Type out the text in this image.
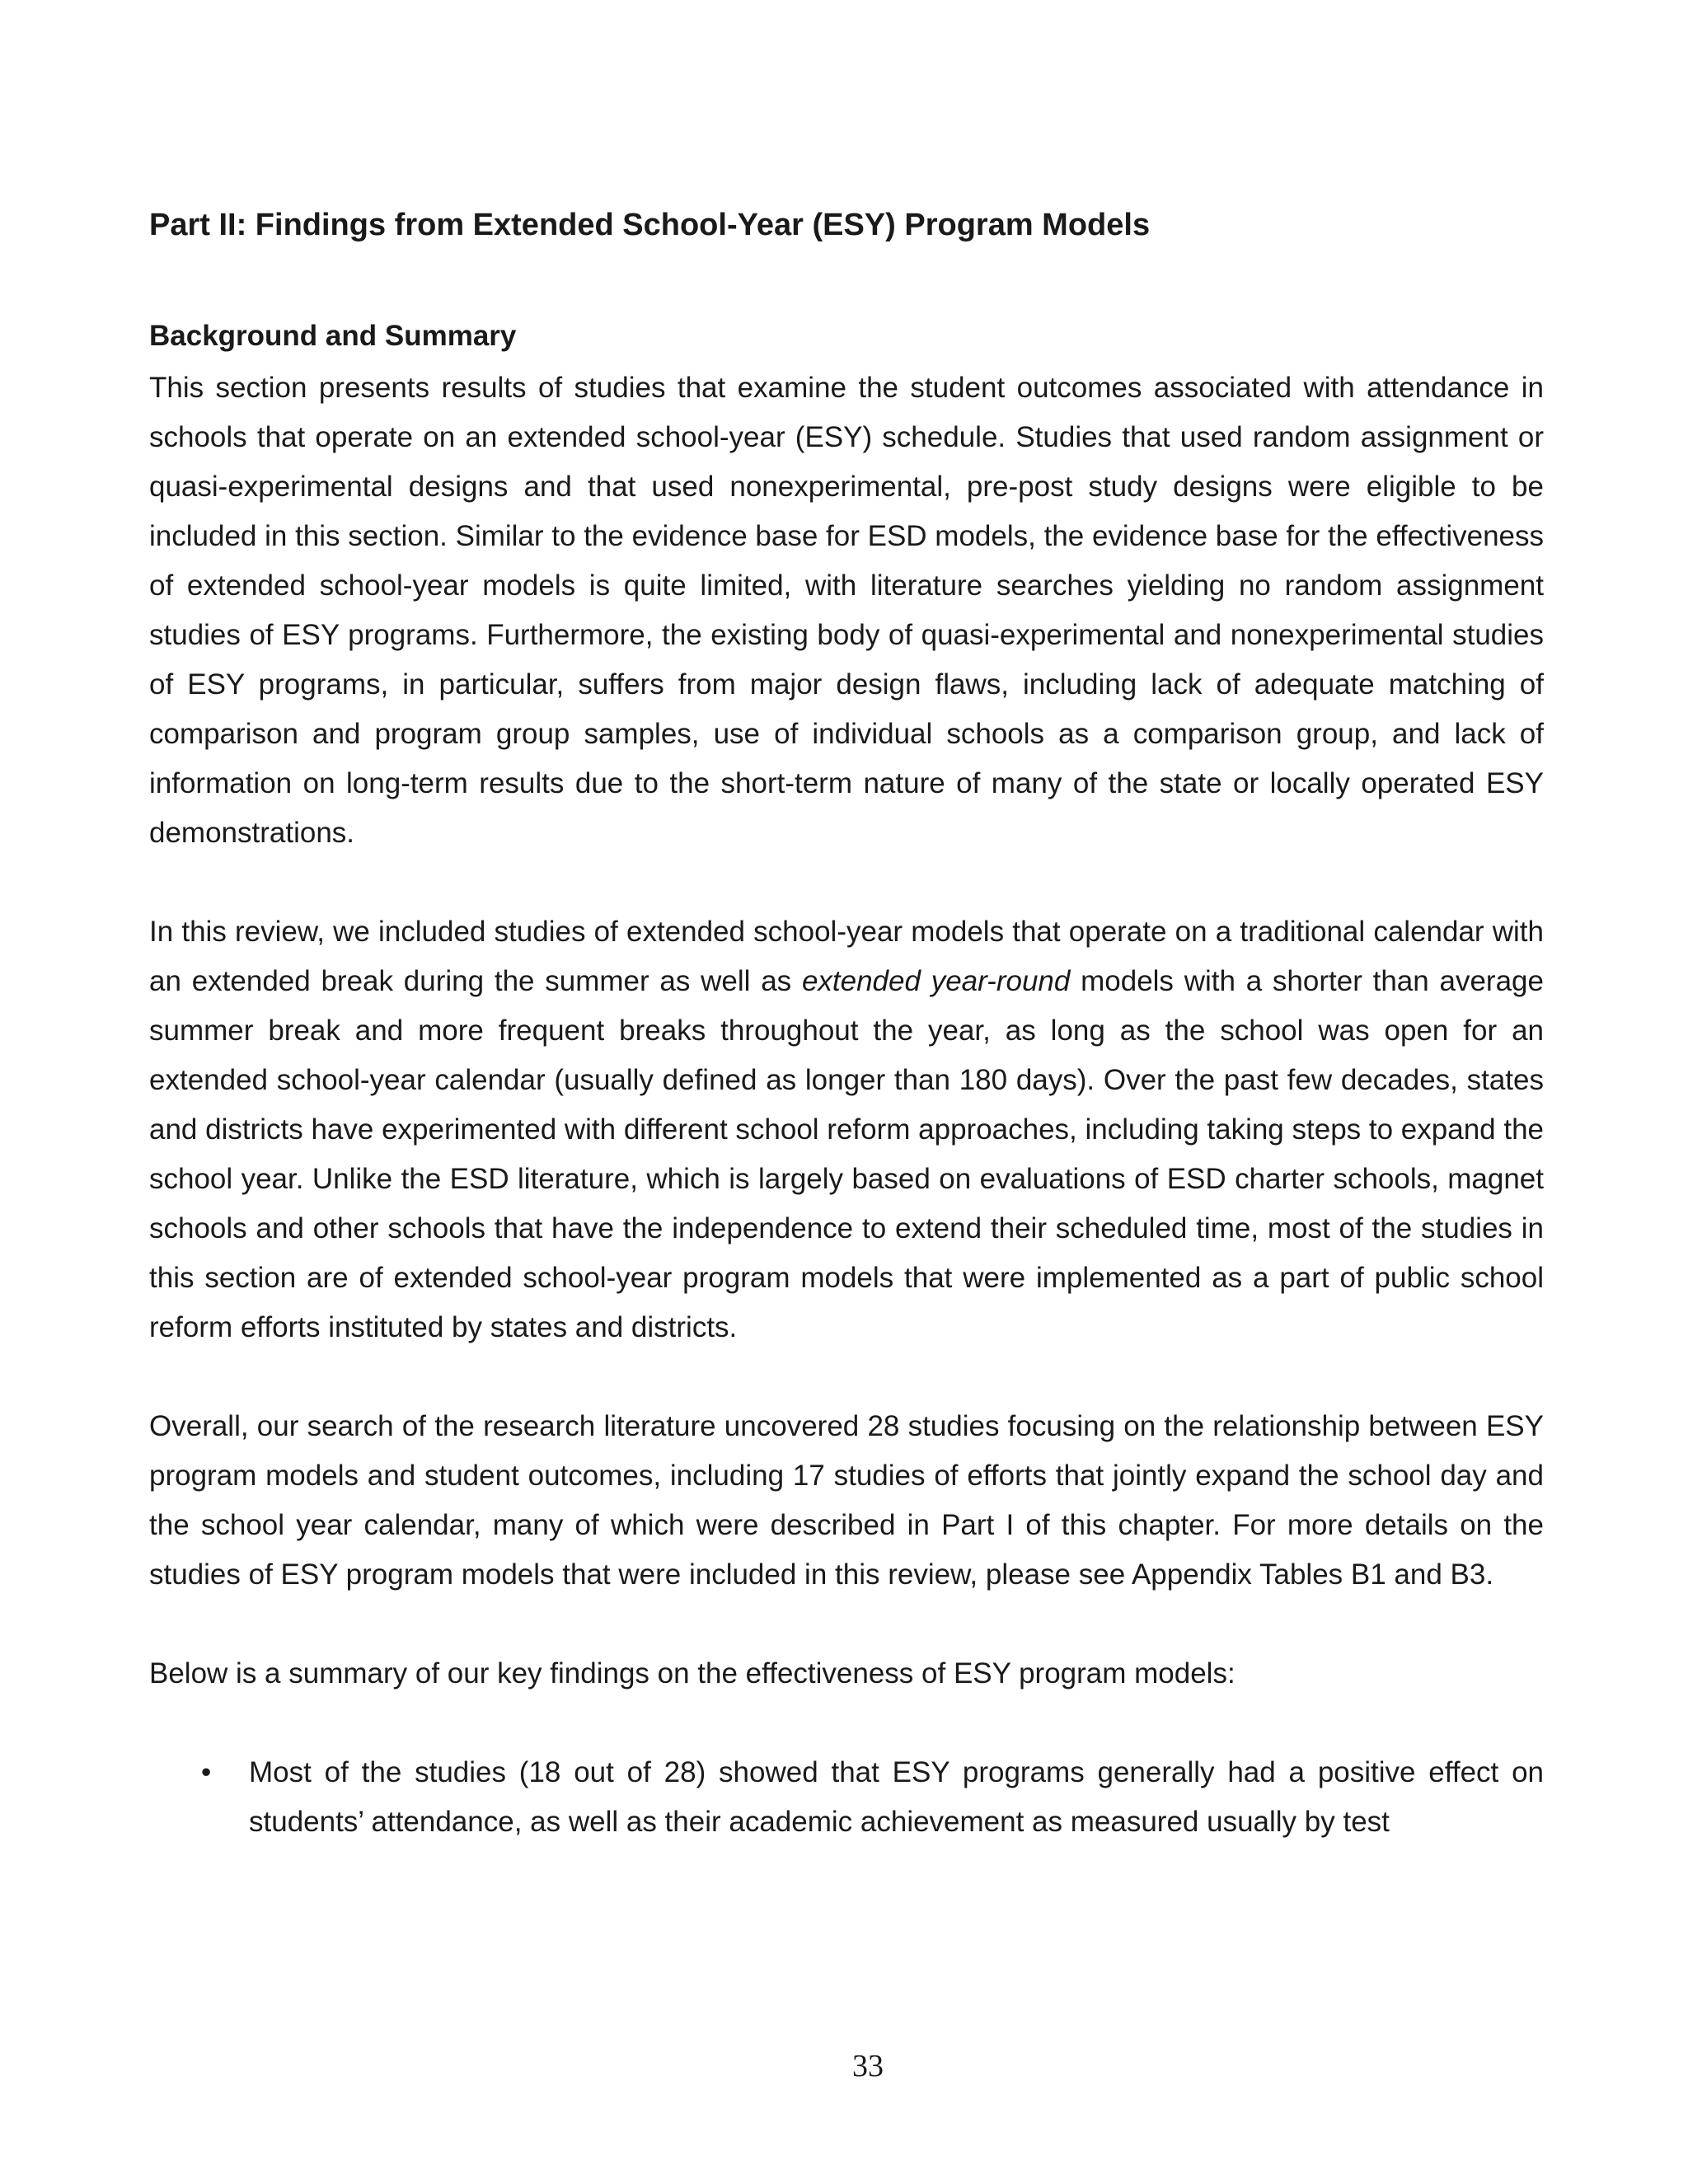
Part II: Findings from Extended School-Year (ESY) Program Models
Background and Summary

This section presents results of studies that examine the student outcomes associated with attendance in schools that operate on an extended school-year (ESY) schedule. Studies that used random assignment or quasi-experimental designs and that used nonexperimental, pre-post study designs were eligible to be included in this section. Similar to the evidence base for ESD models, the evidence base for the effectiveness of extended school-year models is quite limited, with literature searches yielding no random assignment studies of ESY programs. Furthermore, the existing body of quasi-experimental and nonexperimental studies of ESY programs, in particular, suffers from major design flaws, including lack of adequate matching of comparison and program group samples, use of individual schools as a comparison group, and lack of information on long-term results due to the short-term nature of many of the state or locally operated ESY demonstrations.

In this review, we included studies of extended school-year models that operate on a traditional calendar with an extended break during the summer as well as extended year-round models with a shorter than average summer break and more frequent breaks throughout the year, as long as the school was open for an extended school-year calendar (usually defined as longer than 180 days). Over the past few decades, states and districts have experimented with different school reform approaches, including taking steps to expand the school year. Unlike the ESD literature, which is largely based on evaluations of ESD charter schools, magnet schools and other schools that have the independence to extend their scheduled time, most of the studies in this section are of extended school-year program models that were implemented as a part of public school reform efforts instituted by states and districts.

Overall, our search of the research literature uncovered 28 studies focusing on the relationship between ESY program models and student outcomes, including 17 studies of efforts that jointly expand the school day and the school year calendar, many of which were described in Part I of this chapter. For more details on the studies of ESY program models that were included in this review, please see Appendix Tables B1 and B3.

Below is a summary of our key findings on the effectiveness of ESY program models:

• Most of the studies (18 out of 28) showed that ESY programs generally had a positive effect on students’ attendance, as well as their academic achievement as measured usually by test
33
